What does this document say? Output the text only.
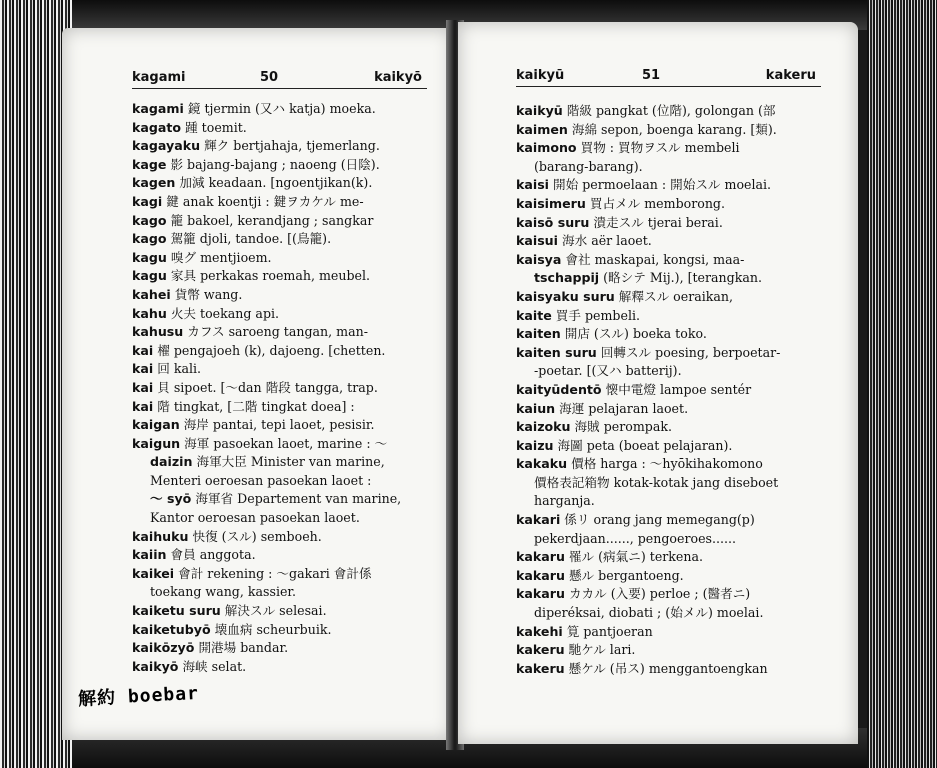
kagami	50	kaikyō
kagami 鏡 tjermin (又ハ katja) moeka.
kagato 踵 toemit.
kagayaku 輝ク bertjahaja, tjemerlang.
kage 影 bajang-bajang ; naoeng (日陰).
kagen 加減 keadaan. [ngoentjikan(k).
kagi 鍵 anak koentji : 鍵ヲカケル me-
kago 籠 bakoel, kerandjang ; sangkar
kago 駕籠 djoli, tandoe. [(鳥籠).
kagu 嗅グ mentjioem.
kagu 家具 perkakas roemah, meubel.
kahei 貨幣 wang.
kahu 火夫 toekang api.
kahusu カフス saroeng tangan, man-
kai 櫂 pengajoeh (k), dajoeng. [chetten.
kai 回 kali.
kai 貝 sipoet. [～dan 階段 tangga, trap.
kai 階 tingkat, [二階 tingkat doea] :
kaigan 海岸 pantai, tepi laoet, pesisir.
kaigun 海軍 pasoekan laoet, marine : ～
daizin 海軍大臣 Minister van marine,
Menteri oeroesan pasoekan laoet :
～ syō 海軍省 Departement van marine,
Kantor oeroesan pasoekan laoet.
kaihuku 快復 (スル) semboeh.
kaiin 會員 anggota.
kaikei 會計 rekening : ～gakari 會計係
toekang wang, kassier.
kaiketu suru 解決スル selesai.
kaiketubyō 壊血病 scheurbuik.
kaikōzyō 開港場 bandar.
kaikyō 海峡 selat.
kaikyū	51	kakeru
kaikyū 階級 pangkat (位階), golongan (部
kaimen 海綿 sepon, boenga karang. [類).
kaimono 買物 : 買物ヲスル membeli
(barang-barang).
kaisi 開始 permoelaan : 開始スル moelai.
kaisimeru 買占メル memborong.
kaisō suru 潰走スル tjerai berai.
kaisui 海水 aër laoet.
kaisya 會社 maskapai, kongsi, maa-
tschappij (略シテ Mij.), [terangkan.
kaisyaku suru 解釋スル oeraikan,
kaite 買手 pembeli.
kaiten 開店 (スル) boeka toko.
kaiten suru 回轉スル poesing, berpoetar-
-poetar. [(又ハ batterij).
kaityūdentō 懐中電燈 lampoe sentér
kaiun 海運 pelajaran laoet.
kaizoku 海賊 perompak.
kaizu 海圖 peta (boeat pelajaran).
kakaku 價格 harga : ～hyōkihakomono
價格表記箱物 kotak-kotak jang diseboet
harganja.
kakari 係リ orang jang memegang(p)
pekerdjaan......, pengoeroes......
kakaru 罹ル (病氣ニ) terkena.
kakaru 懸ル bergantoeng.
kakaru カカル (入要) perloe ; (醫者ニ)
diperéksai, diobati ; (始メル) moelai.
kakehi 筧 pantjoeran
kakeru 馳ケル lari.
kakeru 懸ケル (吊ス) menggantoengkan
解約 boebar
